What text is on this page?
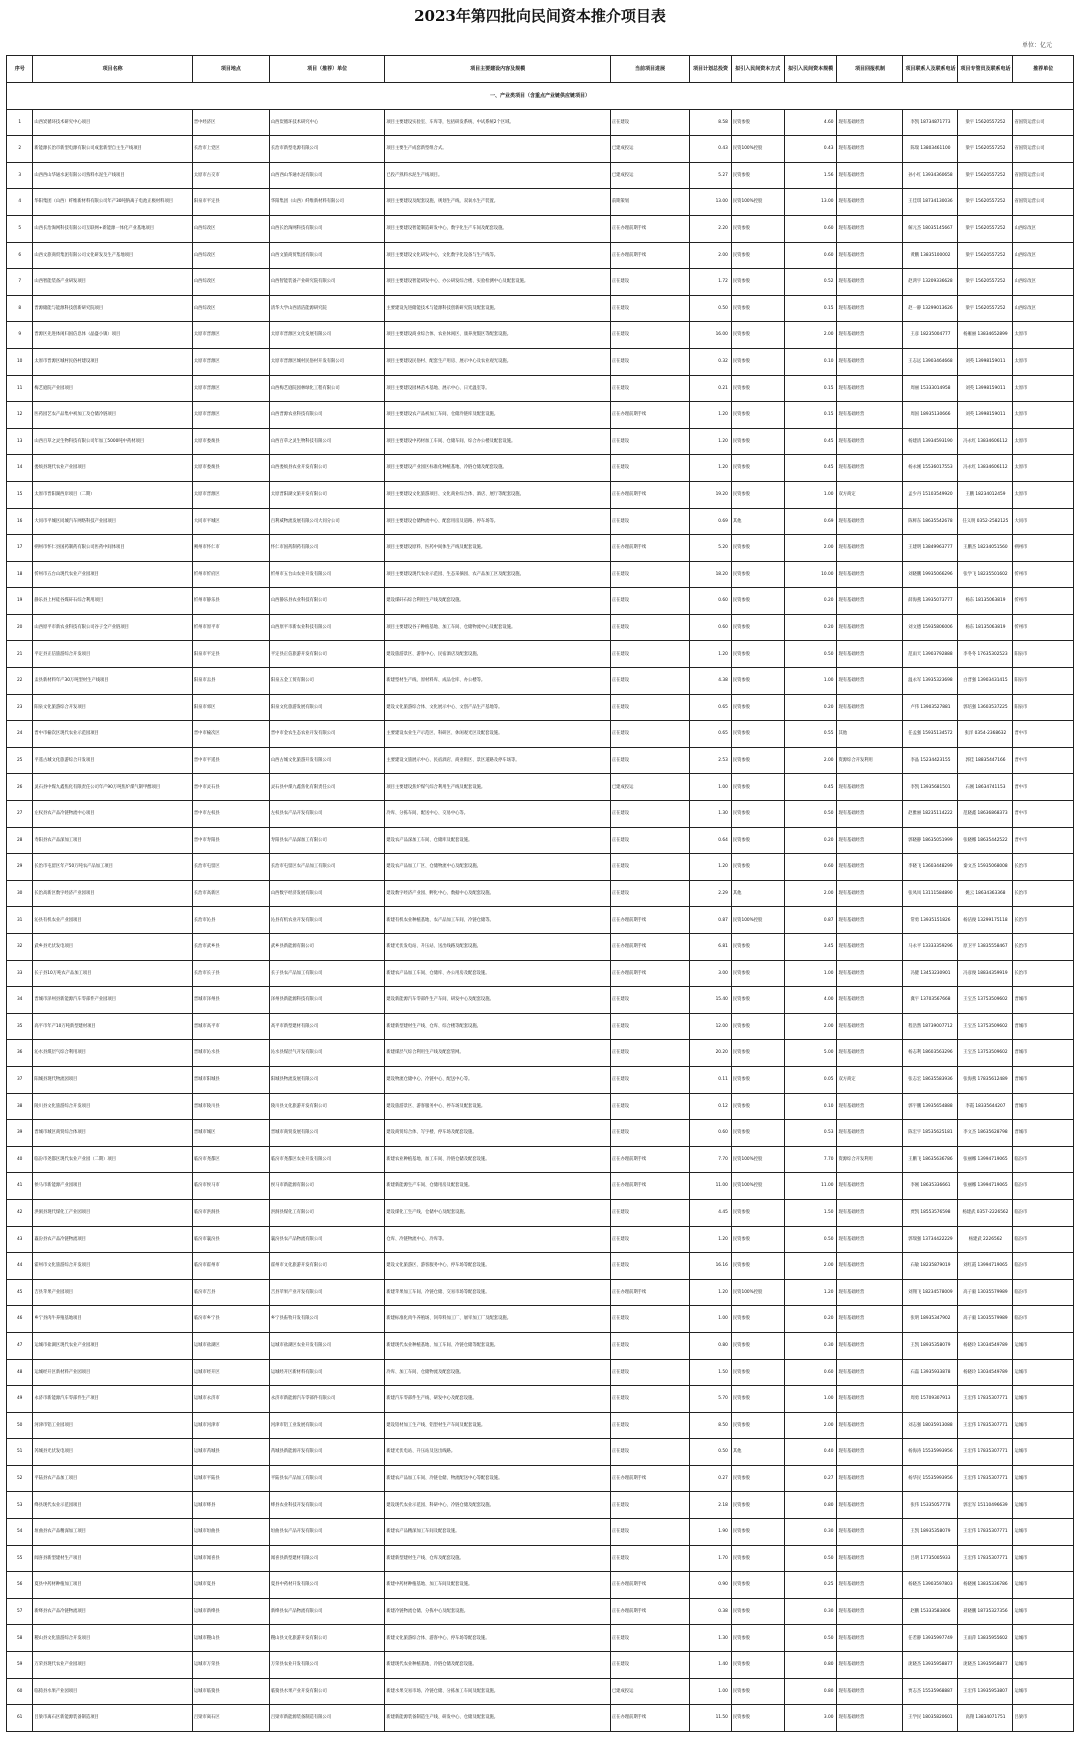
2023年第四批向民间资本推介项目表
单位：亿元
序号	项目名称	项目地点	项目（推荐）单位	项目主要建设内容及规模	当前项目进展	项目计划总投资	拟引入民间资本方式	拟引入民间资本规模	项目回报机制	项目联系人及联系电话	项目专管员及联系电话	推荐单位
一、产业类项目（含重点产业链供应链项目）												
1	山西炭循环技术研究中心项目	晋中经济区	山西炭循环技术研究中心	项目主要建设实验室、车库等，包括研发系统、中试系统2个区域。	正在建设	8.58	民资参股	4.60	现有基础经营	李凯 18734871773	梁宇 15620557252	省国资运营公司
2	新能源长治市新型电源有限公司成套新型自主生产线项目	长治市上党区	长治市新型电源有限公司	项目主要生产成套新型组合式。	已建成投运	0.43	民资100%控股	0.43	现有基础经营	陈瑞 13803461100	梁宇 15620557252	省国资运营公司
3	山西西山华通水泥有限公司熟料水泥生产线项目	太原市古交市	山西西山华通水泥有限公司	已投产熟料水泥生产线项目。	已建成投运	5.27	民资参股	1.56	现有基础经营	孙小红 13934360658	梁宇 15620557252	省国资运营公司
4	华阳集团（山西）纤维新材料有限公司年产30吨钠离子电池正极材料项目	阳泉市平定县	华阳集团（山西）纤维新材料有限公司	项目主要建设及配套设施，规划生产线，双氧水生产装置。	前期策划	13.00	民资100%控股	13.00	现有基础经营	王佳琪 18734130036	梁宇 15620557252	省国资运营公司
5	山西长治淘网科技有限公司互联网+新能源一体化产业基地项目	山西综改区	山西长治淘网科技有限公司	项目主要建设智能制造研发中心，数字化生产车间及配套设施。	正在办理前期手续	2.20	民资参股	0.60	现有基础经营	解元杰 18035145667	梁宇 15620557252	山西综改区
6	山西文旅商贸集团有限公司文化研发及生产基地项目	山西综改区	山西文旅商贸集团有限公司	项目主要建设文化研发中心，文化数字化设备与生产线等。	正在办理前期手续	2.00	民资参股	0.60	现有基础经营	黄鹏 13835100002	梁宇 15620557252	山西综改区
7	山西智能装备产业研发项目	山西综改区	山西智能装备产业研究院有限公司	项目主要建设智能研发中心、办公研发综合楼、实验检测中心及配套设施。	正在建设	1.72	民资参股	0.52	现有基础经营	赵鸿宇 13209336628	梁宇 15620557252	山西综改区
8	晋源储能与能源科技创新研究院项目	山西综改区	清华大学山西清洁能源研究院	主要建设先进储能技术与能源科技创新研究院及配套设施。	正在建设	0.50	民资参股	0.15	现有基础经营	赵一静 13299013626	梁宇 15620557252	山西综改区
9	晋源区先进体闲归国信息体（晶盛小镇）项目	太原市晋源区	太原市晋源区文化发展有限公司	项目主要建设商业综合体、农业休闲区、康养度假区等配套设施。	正在建设	16.00	民资参股	2.00	现有基础经营	王彦 18235004777	杨雁丽 13834652899	太原市
10	太原市晋源区城村民俗村建设项目	太原市晋源区	太原市晋源区城村民俗村开发有限公司	项目主要建设民俗村、配套生产用房、展示中心及农业观光设施。	正在建设	0.32	民资参股	0.10	现有基础经营	王志远 13903464668	刘英 13998159011	太原市
11	梅艺庭院产业园项目	太原市晋源区	山西梅艺庭院园林绿化工程有限公司	项目主要建设园林苗木基地、展示中心、日光温室等。	正在建设	0.21	民资参股	0.15	现有基础经营	周丽 15333014958	刘英 13998159011	太原市
12	医药园艺农产品集中初加工及仓储冷链项目	太原市晋源区	山西晋源农业科技有限公司	项目主要建设农产品初加工车间、仓储冷链库及配套设施。	正在办理前期手续	1.20	民资参股	0.15	现有基础经营	周国 18935130666	刘英 13998159011	太原市
13	山西百草之灵生物科技有限公司年加工5000吨中药材项目	太原市娄烦县	山西百草之灵生物科技有限公司	项目主要建设中药材加工车间、仓储车间、综合办公楼及配套设施。	正在建设	1.20	民资参股	0.45	现有基础经营	杨建清 13934593190	冯永红 13834606112	太原市
14	娄烦县现代农业产业园项目	太原市娄烦县	山西娄烦县农业开发有限公司	项目主要建设产业园区标准化种植基地、冷链仓储及配套设施。	正在建设	1.20	民资参股	0.45	现有基础经营	杨永刚 15536017553	冯永红 13834606112	太原市
15	太原市晋阳湖西岸项目（二期）	太原市晋源区	太原晋阳湖文旅开发有限公司	项目主要建设文化旅游项目、文化商业综合体、酒店、展厅等配套设施。	正在办理前期手续	19.20	民资参股	1.00	双方商定	孟少丹 15103549920	王鹏 18234012459	太原市
16	大同市平城区同城汽车网络科技产业园项目	大同市平城区	百利威物流发展有限公司大同分公司	项目主要建设仓储物流中心、配套用房及道路、停车场等。	正在建设	0.69	其他	0.69	现有基础经营	陈鲜东 18635542678	任义明 0352-2582125	大同市
17	朔州市怀仁县国药制药有限公司医药中间体项目	朔州市怀仁市	怀仁市国药制药有限公司	项目主要建设原料、医药中间体生产线及配套设施。	正在办理前期手续	5.20	民资参股	2.00	现有基础经营	王建明 13849963777	王鹏杰 18234051560	朔州市
18	忻州市五台山现代农业产业园项目	忻州市忻府区	忻州市五台山农业开发有限公司	项目主要建设现代农业示范园、生态采摘园、农产品加工区及配套设施。	正在建设	18.20	民资参股	10.00	现有基础经营	刘晓鹏 19935066296	张学飞 18235501602	忻州市
19	静乐县上村硅谷煤矸石综合利用项目	忻州市静乐县	山西静乐县农业科技有限公司	建设煤矸石综合利用生产线及配套设施。	正在建设	0.60	民资参股	0.20	现有基础经营	薛海燕 13935073777	杨东 18135063819	忻州市
20	山西原平市新农业科技有限公司谷子全产业链项目	忻州市原平市	山西原平市新农业科技有限公司	项目主要建设谷子种植基地、加工车间、仓储物流中心及配套设施。	正在建设	0.60	民资参股	0.20	现有基础经营	刘文德 15935806006	杨东 18135063819	忻州市
21	平定县正信旅游综合开发项目	阳泉市平定县	平定县正信旅游开发有限公司	建设旅游景区、游客中心、民宿酒店及配套设施。	正在建设	1.20	民资参股	0.50	现有基础经营	范雨天 13903792888	李冬冬 17635302523	阳泉市
22	盂县新材料年产30万吨型材生产线项目	阳泉市盂县	阳泉五金工贸有限公司	新建型材生产线、原材料库、成品仓库、办公楼等。	正在建设	4.38	民资参股	1.00	现有基础经营	温永军 13935323698	白晋强 13903431415	阳泉市
23	阳泉文化旅游综合开发项目	阳泉市郊区	阳泉文化旅游发展有限公司	建设文化旅游综合体、文化展示中心、文创产品生产基地等。	正在建设	0.65	民资参股	0.20	现有基础经营	卢伟 13903527881	郭培强 13603537225	阳泉市
24	晋中市榆次区现代农业示范园项目	晋中市榆次区	晋中市金农生态农业开发有限公司	主要建设农业生产示范区、科研区、休闲观光区及配套设施。	正在建设	0.65	民资参股	0.55	其他	任孟强 15935134572	张洋 0354-2368632	晋中市
25	平遥古城文化旅游综合开发项目	晋中市平遥县	山西古城文化旅游开发有限公司	主要建设文旅展示中心、民宿酒店、商业街区、景区道路及停车场等。	正在建设	2.53	民资参股	2.00	资源综合开发利用	李晶 15234423155	郭佳 18835447166	晋中市
26	灵石县中煤九鑫焦化有限责任公司年产90万吨焦炉煤气制甲醇项目	晋中市灵石县	灵石县中煤九鑫焦化有限责任公司	项目主要建设焦炉煤气综合利用生产线及配套设施。	已建成投运	1.00	民资参股	0.45	现有基础经营	李凯 13935681501	石刚 18634741153	晋中市
27	左权县农产品冷链物流中心项目	晋中市左权县	左权县农产品开发有限公司	冷库、分拣车间、配送中心、交易中心等。	正在建设	1.30	民资参股	0.50	现有基础经营	赵雅丽 18235114222	范晓鑫 18636868373	晋中市
28	寿阳县农产品深加工项目	晋中市寿阳县	寿阳县农产品深加工有限公司	建设农产品深加工车间、仓储库及配套设施。	正在建设	0.64	民资参股	0.20	现有基础经营	郭晓静 18635051999	张晓娜 18635442522	晋中市
29	长治市屯留区年产50万吨农产品加工项目	长治市屯留区	长治市屯留区农产品加工有限公司	建设农产品加工厂区、仓储物流中心及配套设施。	正在建设	1.20	民资参股	0.60	现有基础经营	李晓飞 13603448299	秦文杰 15935068008	长治市
30	长治高新区数字经济产业园项目	长治市高新区	山西数字经济发展有限公司	建设数字经济产业园、孵化中心、数据中心及配套设施。	正在建设	2.29	其他	2.00	现有基础经营	张凤凤 13111584890	姚云 18634363368	长治市
31	沁县有机农业产业园项目	长治市沁县	沁县有机农业开发有限公司	新建有机农业种植基地、农产品加工车间、冷链仓储等。	正在办理前期手续	0.87	民资100%控股	0.87	现有基础经营	常勇 13935151826	杨洁俊 13299175118	长治市
32	武乡县光伏发电项目	长治市武乡县	武乡县新能源有限公司	新建光伏发电站、升压站、送出线路及配套设施。	正在办理前期手续	6.81	民资参股	3.45	现有基础经营	马永平 13333359296	原卫平 13835558467	长治市
33	长子县10万吨农产品加工项目	长治市长子县	长子县农产品加工有限公司	新建农产品加工车间、仓储库、办公用房及配套设施。	正在办理前期手续	3.00	民资参股	1.00	现有基础经营	冯健 13453230901	冯彦俊 18834359919	长治市
34	晋城市泽州县新能源汽车零部件产业园项目	晋城市泽州县	泽州县新能源科技有限公司	建设新能源汽车零部件生产车间、研发中心及配套设施。	正在建设	15.40	民资参股	4.00	现有基础经营	冀宇 13703567668	王宝杰 13753509602	晋城市
35	高平市年产10万吨新型建材项目	晋城市高平市	高平市新型建材有限公司	新建新型建材生产线、仓库、综合楼等配套设施。	正在建设	12.00	民资参股	2.00	现有基础经营	程浩然 18739007712	王宝杰 13753509602	晋城市
36	沁水县煤层气综合利用项目	晋城市沁水县	沁水县煤层气开发有限公司	新建煤层气综合利用生产线及配套管网。	正在建设	20.20	民资参股	5.00	现有基础经营	杨志利 18603563296	王宝杰 13753509602	晋城市
37	阳城县现代物流园项目	晋城市阳城县	阳城县物流发展有限公司	建设物流仓储中心、冷链中心、配送中心等。	正在建设	0.11	民资参股	0.05	双方商定	张志宏 18635583936	张海燕 17835612489	晋城市
38	陵川县文化旅游综合开发项目	晋城市陵川县	陵川县文化旅游开发有限公司	建设旅游景区、游客服务中心、停车场及配套设施。	正在建设	0.12	民资参股	0.10	现有基础经营	郭宇鹏 13935654888	李霞 18335644207	晋城市
39	晋城市城区商贸综合体项目	晋城市城区	晋城市商贸发展有限公司	建设商贸综合体、写字楼、停车场及配套设施。	正在建设	0.60	民资参股	0.53	现有基础经营	陈宏宇 18535625181	李文杰 18635628798	晋城市
40	临汾市尧都区现代农业产业园（二期）项目	临汾市尧都区	临汾市尧都区农业开发有限公司	新建农业种植基地、加工车间、冷链仓储及配套设施。	正在办理前期手续	7.70	民资100%控股	7.70	资源综合开发利用	王鹏飞 18635636786	张丽娜 13994719065	临汾市
41	侯马市新能源产业园项目	临汾市侯马市	侯马市新能源有限公司	新建新能源生产车间、仓储用房及配套设施。	正在办理前期手续	11.00	民资100%控股	11.00	现有基础经营	李刚 18635336661	张丽娜 13994719065	临汾市
42	洪洞县现代煤化工产业园项目	临汾市洪洞县	洪洞县煤化工有限公司	建设煤化工生产线、仓储中心及配套设施。	正在建设	4.45	民资参股	1.50	现有基础经营	贾凯 18553576598	杨建武 0357-2226562	临汾市
43	襄汾县农产品冷链物流项目	临汾市襄汾县	襄汾县农产品物流有限公司	仓库、冷链物流中心、冷库等。	正在建设	1.20	民资参股	0.50	现有基础经营	郭瑞强 13734422229	杨建武 2226562	临汾市
44	霍州市文化旅游综合开发项目	临汾市霍州市	霍州市文化旅游开发有限公司	建设文化旅游区、游客服务中心、停车场等配套设施。	正在建设	16.16	民资参股	2.00	现有基础经营	石敏 18235879019	刘红霞 13994719065	临汾市
45	吉县苹果产业园项目	临汾市吉县	吉县苹果产业开发有限公司	新建苹果加工车间、冷链仓储、交易市场等配套设施。	正在办理前期手续	1.20	民资100%控股	1.20	现有基础经营	刘翔飞 18234578009	高子毅 13035579989	临汾市
46	乡宁县肉牛养殖基地项目	临汾市乡宁县	乡宁县畜牧开发有限公司	新建标准化肉牛养殖场、饲草料加工厂、屠宰加工厂及配套设施。	正在建设	1.00	民资参股	0.20	现有基础经营	张明 18935347902	高子毅 13035579989	临汾市
47	运城市盐湖区现代农业产业园项目	运城市盐湖区	运城市盐湖区农业开发有限公司	新建现代农业种植基地、加工车间、冷链仓储等配套设施。	正在建设	0.80	民资参股	0.30	现有基础经营	王凯 18935358079	杨晓玲 13034549789	运城市
48	运城经开区新材料产业园项目	运城市经开区	运城经开区新材料有限公司	冷库、加工车间、仓储物流及配套设施。	正在建设	1.50	民资参股	0.60	现有基础经营	石磊 13935933878	杨晓玲 13034549789	运城市
49	永济市新能源汽车零部件生产项目	运城市永济市	永济市新能源汽车零部件有限公司	新建汽车零部件生产线、研发中心及配套设施。	正在建设	5.70	民资参股	1.00	现有基础经营	周勇 15709307913	王宏伟 17835307771	运城市
50	河津市铝工业园项目	运城市河津市	河津市铝工业发展有限公司	建设铝材加工生产线、铝型材生产车间及配套设施。	正在建设	8.50	民资参股	2.00	现有基础经营	刘志强 18035913088	王宏伟 17835307771	运城市
51	芮城县光伏发电项目	运城市芮城县	芮城县新能源开发有限公司	新建光伏电站、升压站及送出线路。	正在建设	0.50	其他	0.40	现有基础经营	杨海涛 15535993956	王宏伟 17835307771	运城市
52	平陆县农产品加工项目	运城市平陆县	平陆县农产品加工有限公司	新建农产品加工车间、冷链仓储、物流配送中心等配套设施。	正在办理前期手续	0.27	民资参股	0.27	现有基础经营	杨华民 15535993956	王宏伟 17835307771	运城市
53	绛县现代农业示范园项目	运城市绛县	绛县农业科技开发有限公司	建设现代农业示范园、科研中心、冷链仓储及配套设施。	正在建设	2.18	民资参股	0.80	现有基础经营	张伟 15335057778	郭宏军 15110496639	运城市
54	垣曲县农产品精深加工项目	运城市垣曲县	垣曲县农产品开发有限公司	新建农产品精深加工车间及配套设施。	正在建设	1.90	民资参股	0.30	现有基础经营	王凯 18935358079	王宏伟 17835307771	运城市
55	闻喜县新型建材生产项目	运城市闻喜县	闻喜县新型建材有限公司	新建新型建材生产线、仓库及配套设施。	正在建设	1.70	民资参股	0.50	现有基础经营	吕明 17735005933	王宏伟 17835307771	运城市
56	夏县中药材种植加工项目	运城市夏县	夏县中药材开发有限公司	新建中药材种植基地、加工车间及配套设施。	正在办理前期手续	0.90	民资参股	0.25	现有基础经营	杨晓杰 13903597803	杨晓刚 13835336786	运城市
57	新绛县农产品冷链物流项目	运城市新绛县	新绛县农产品物流有限公司	新建冷链物流仓储、分拣中心及配套设施。	正在办理前期手续	0.38	民资参股	0.30	现有基础经营	赵鹏 15333583806	聂晓鹏 18735327356	运城市
58	稷山县文化旅游综合开发项目	运城市稷山县	稷山县文化旅游开发有限公司	新建文化旅游综合体、游客中心、停车场等配套设施。	正在建设	1.30	民资参股	0.50	现有基础经营	任若静 13935997749	王雨萍 13835955602	运城市
59	万荣县现代农业产业园项目	运城市万荣县	万荣县农业开发有限公司	新建现代农业种植基地、冷链仓储及配套设施。	正在建设	1.40	民资参股	0.80	现有基础经营	庞晓杰 13935958877	庞晓杰 13935958877	运城市
60	临猗县水果产业园项目	运城市临猗县	临猗县水果产业开发有限公司	新建水果交易市场、冷链仓储、分拣加工车间及配套设施。	已建成投运	1.00	民资参股	0.80	现有基础经营	贾志杰 15535968887	王宏伟 13935953807	运城市
61	吕梁市离石区新能源装备制造项目	吕梁市离石区	吕梁市新能源装备制造有限公司	新建新能源装备制造生产线、研发中心、仓储及配套设施。	正在办理前期手续	11.50	民资参股	3.00	现有基础经营	王学民 18035820601	高翔 13834071751	吕梁市
